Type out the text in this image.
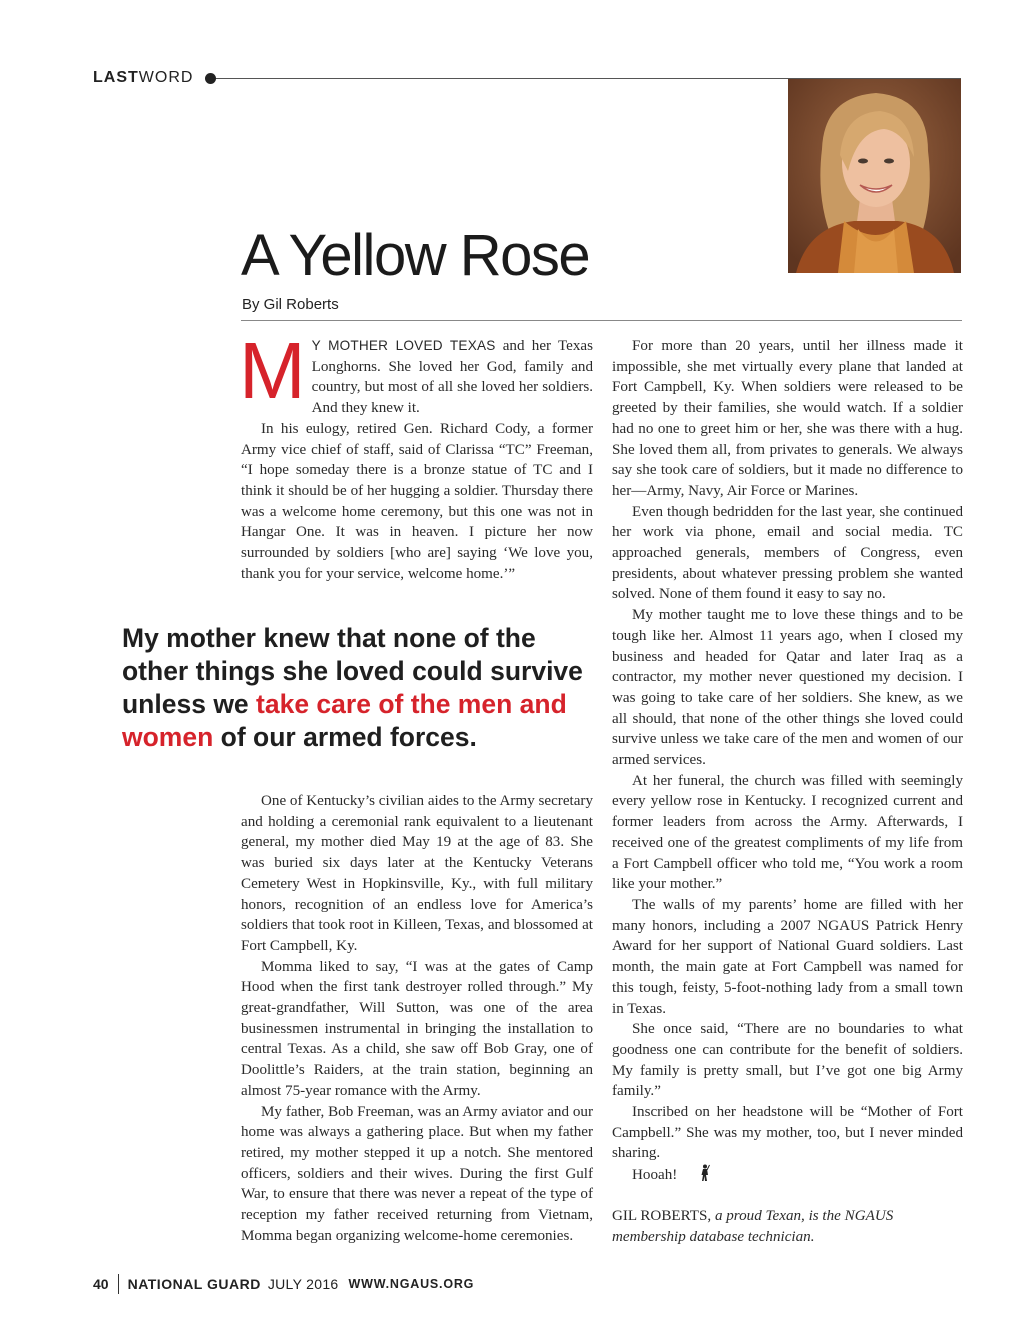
LASTWORD
A Yellow Rose
By Gil Roberts

M Y MOTHER LOVED TEXAS and her Texas Longhorns. She loved her God, family and country, but most of all she loved her soldiers. And they knew it.

In his eulogy, retired Gen. Richard Cody, a former Army vice chief of staff, said of Clarissa “TC” Freeman, “I hope someday there is a bronze statue of TC and I think it should be of her hugging a soldier. Thursday there was a welcome home ceremony, but this one was not in Hangar One. It was in heaven. I picture her now surrounded by soldiers [who are] saying ‘We love you, thank you for your service, welcome home.’”

My mother knew that none of the other things she loved could survive unless we take care of the men and women of our armed forces.

One of Kentucky’s civilian aides to the Army secretary and holding a ceremonial rank equivalent to a lieutenant general, my mother died May 19 at the age of 83. She was buried six days later at the Kentucky Veterans Cemetery West in Hopkinsville, Ky., with full military honors, recognition of an endless love for America’s soldiers that took root in Killeen, Texas, and blossomed at Fort Campbell, Ky.

Momma liked to say, “I was at the gates of Camp Hood when the first tank destroyer rolled through.” My great-grandfather, Will Sutton, was one of the area businessmen instrumental in bringing the installation to central Texas. As a child, she saw off Bob Gray, one of Doolittle’s Raiders, at the train station, beginning an almost 75-year romance with the Army.

My father, Bob Freeman, was an Army aviator and our home was always a gathering place. But when my father retired, my mother stepped it up a notch. She mentored officers, soldiers and their wives. During the first Gulf War, to ensure that there was never a repeat of the type of reception my father received returning from Vietnam, Momma began organizing welcome-home ceremonies.

For more than 20 years, until her illness made it impossible, she met virtually every plane that landed at Fort Campbell, Ky. When soldiers were released to be greeted by their families, she would watch. If a soldier had no one to greet him or her, she was there with a hug. She loved them all, from privates to generals. We always say she took care of soldiers, but it made no difference to her—Army, Navy, Air Force or Marines.

Even though bedridden for the last year, she continued her work via phone, email and social media. TC approached generals, members of Congress, even presidents, about whatever pressing problem she wanted solved. None of them found it easy to say no.

My mother taught me to love these things and to be tough like her. Almost 11 years ago, when I closed my business and headed for Qatar and later Iraq as a contractor, my mother never questioned my decision. I was going to take care of her soldiers. She knew, as we all should, that none of the other things she loved could survive unless we take care of the men and women of our armed services.

At her funeral, the church was filled with seemingly every yellow rose in Kentucky. I recognized current and former leaders from across the Army. Afterwards, I received one of the greatest compliments of my life from a Fort Campbell officer who told me, “You work a room like your mother.”

The walls of my parents’ home are filled with her many honors, including a 2007 NGAUS Patrick Henry Award for her support of National Guard soldiers. Last month, the main gate at Fort Campbell was named for this tough, feisty, 5-foot-nothing lady from a small town in Texas.

She once said, “There are no boundaries to what goodness one can contribute for the benefit of soldiers. My family is pretty small, but I’ve got one big Army family.”

Inscribed on her headstone will be “Mother of Fort Campbell.” She was my mother, too, but I never minded sharing.

Hooah!

GIL ROBERTS, a proud Texan, is the NGAUS membership database technician.
40 NATIONAL GUARD JULY 2016 WWW.NGAUS.ORG
